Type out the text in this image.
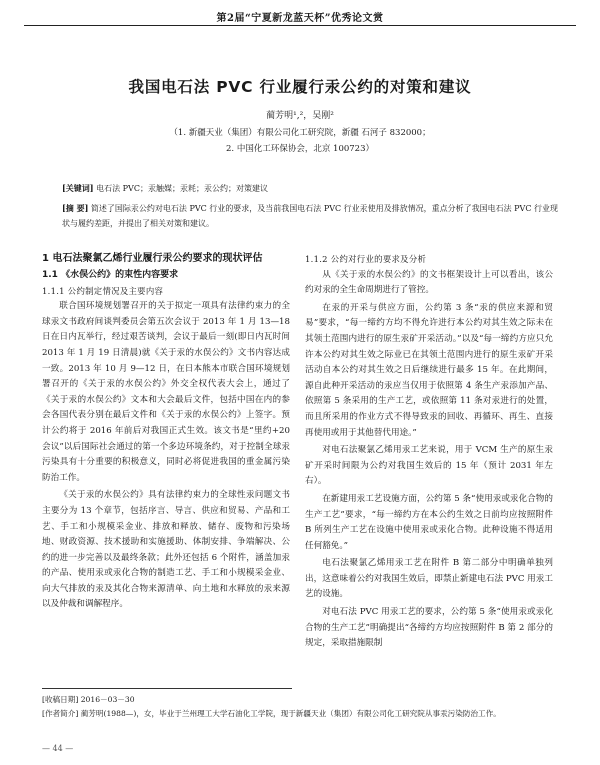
第2届“宁夏新龙蓝天杯”优秀论文赏
我国电石法 PVC 行业履行汞公约的对策和建议
蔺芳明¹,²，吴刚²
（1. 新疆天业（集团）有限公司化工研究院，新疆 石河子 832000；
2. 中国化工环保协会，北京 100723）
[关键词] 电石法 PVC；汞触媒；汞耗；汞公约；对策建议
[摘 要] 简述了国际汞公约对电石法 PVC 行业的要求，及当前我国电石法 PVC 行业汞使用及排放情况，重点分析了我国电石法 PVC 行业现状与履约差距，并提出了相关对策和建议。
1 电石法聚氯乙烯行业履行汞公约要求的现状评估
1.1 《水俣公约》的束性内容要求
1.1.1 公约制定情况及主要内容

联合国环境规划署召开的关于拟定一项具有法律约束力的全球汞文书政府间谈判委员会第五次会议于 2013 年 1 月 13—18 日在日内瓦举行，经过艰苦谈判，会议于最后一刻(即日内瓦时间 2013 年 1 月 19 日清晨)就《关于汞的水俣公约》文书内容达成一致。2013 年 10 月 9—12 日，在日本熊本市联合国环境规划署召开的《关于汞的水俣公约》外交全权代表大会上，通过了《关于汞的水俣公约》文本和大会最后文件，包括中国在内的参会各国代表分别在最后文件和《关于汞的水俣公约》上签字。预计公约将于 2016 年前后对我国正式生效。该文书是“里约+20 会议”以后国际社会通过的第一个多边环境条约，对于控制全球汞污染具有十分重要的积极意义，同时必将促进我国的重金属污染防治工作。

《关于汞的水俣公约》具有法律约束力的全球性汞问题文书主要分为 13 个章节，包括序言、导言、供应和贸易、产品和工艺、手工和小规模采金业、排放和释放、储存、废物和污染场地、财政资源、技术援助和实施援助、体制安排、争端解决、公约的进一步完善以及最终条款；此外还包括 6 个附件，涵盖加汞的产品、使用汞或汞化合物的制造工艺、手工和小规模采金业、向大气排放的汞及其化合物来源清单、向土地和水释放的汞来源以及仲裁和调解程序。

1.1.2 公约对行业的要求及分析

从《关于汞的水俣公约》的文书框架设计上可以看出，该公约对汞的全生命周期进行了管控。

在汞的开采与供应方面，公约第 3 条“汞的供应来源和贸易”要求，“每一缔约方均不得允许进行本公约对其生效之际未在其领土范围内进行的原生汞矿开采活动。”以及“每一缔约方应只允许本公约对其生效之际业已在其领土范围内进行的原生汞矿开采活动自本公约对其生效之日后继续进行最多 15 年。在此期间，源自此种开采活动的汞应当仅用于依照第 4 条生产汞添加产品、依照第 5 条采用的生产工艺，或依照第 11 条对汞进行的处置，而且所采用的作业方式不得导致汞的回收、再循环、再生、直接再使用或用于其他替代用途。”

对电石法聚氯乙烯用汞工艺来说，用于 VCM 生产的原生汞矿开采时间限为公约对我国生效后的 15 年（预计 2031 年左右）。

在新建用汞工艺设施方面，公约第 5 条“使用汞或汞化合物的生产工艺”要求，“每一缔约方在本公约生效之日前均应按照附件 B 所列生产工艺在设施中使用汞或汞化合物。此种设施不得适用任何豁免。”

电石法聚氯乙烯用汞工艺在附件 B 第二部分中明确单独列出，这意味着公约对我国生效后，即禁止新建电石法 PVC 用汞工艺的设施。

对电石法 PVC 用汞工艺的要求，公约第 5 条“使用汞或汞化合物的生产工艺”明确提出“各缔约方均应按照附件 B 第 2 部分的规定，采取措施限制

[收稿日期] 2016－03－30
[作者简介] 蔺芳明(1988—)，女，毕业于兰州理工大学石油化工学院，现于新疆天业（集团）有限公司化工研究院从事汞污染防治工作。
— 44 —
